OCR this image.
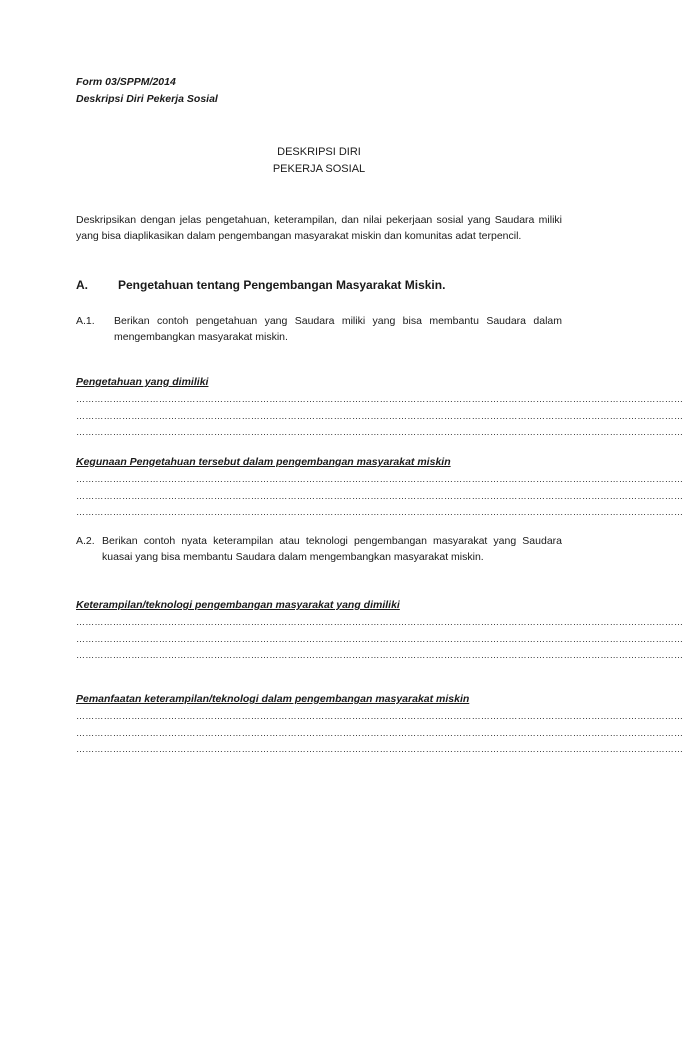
Form 03/SPPM/2014
Deskripsi Diri Pekerja Sosial
DESKRIPSI DIRI
PEKERJA SOSIAL
Deskripsikan dengan jelas pengetahuan, keterampilan, dan nilai pekerjaan sosial yang Saudara miliki yang bisa diaplikasikan dalam pengembangan masyarakat miskin dan komunitas adat terpencil.
A.	Pengetahuan tentang Pengembangan Masyarakat Miskin.
A.1. Berikan contoh pengetahuan yang Saudara miliki yang bisa membantu Saudara dalam mengembangkan masyarakat miskin.
Pengetahuan yang dimiliki
………………………………………………………………………………………………………………………………………………………………………………
………………………………………………………………………………………………………………………………………………………………………………
………………………………………………………………………………………………………………………………………………………………………………
Kegunaan Pengetahuan tersebut dalam pengembangan masyarakat miskin
………………………………………………………………………………………………………………………………………………………………………………
………………………………………………………………………………………………………………………………………………………………………………
………………………………………………………………………………………………………………………………………………………………………………
A.2. Berikan contoh nyata keterampilan atau teknologi pengembangan masyarakat yang Saudara kuasai yang bisa membantu Saudara dalam mengembangkan masyarakat miskin.
Keterampilan/teknologi pengembangan masyarakat yang dimiliki
………………………………………………………………………………………………………………………………………………………………………………
………………………………………………………………………………………………………………………………………………………………………………
………………………………………………………………………………………………………………………………………………………………………………
Pemanfaatan keterampilan/teknologi dalam pengembangan masyarakat miskin
………………………………………………………………………………………………………………………………………………………………………………
………………………………………………………………………………………………………………………………………………………………………………
………………………………………………………………………………………………………………………………………………………………………………
